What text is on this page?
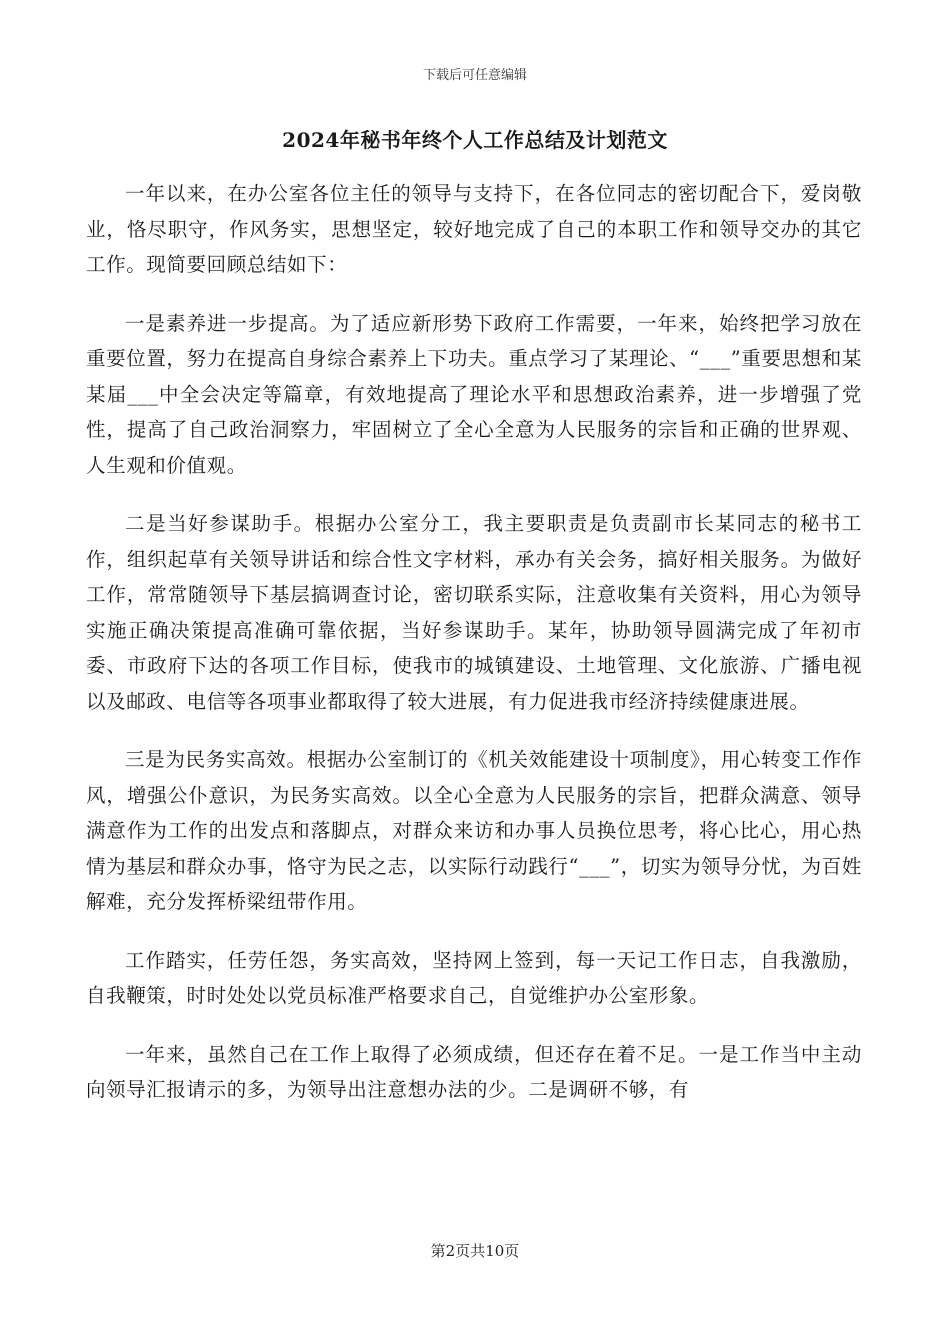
下载后可任意编辑
2024年秘书年终个人工作总结及计划范文

一年以来，在办公室各位主任的领导与支持下，在各位同志的密切配合下，爱岗敬业，恪尽职守，作风务实，思想坚定，较好地完成了自己的本职工作和领导交办的其它工作。现简要回顾总结如下：

一是素养进一步提高。为了适应新形势下政府工作需要，一年来，始终把学习放在重要位置，努力在提高自身综合素养上下功夫。重点学习了某理论、“___”重要思想和某某届___中全会决定等篇章，有效地提高了理论水平和思想政治素养，进一步增强了党性，提高了自己政治洞察力，牢固树立了全心全意为人民服务的宗旨和正确的世界观、人生观和价值观。

二是当好参谋助手。根据办公室分工，我主要职责是负责副市长某同志的秘书工作，组织起草有关领导讲话和综合性文字材料，承办有关会务，搞好相关服务。为做好工作，常常随领导下基层搞调查讨论，密切联系实际，注意收集有关资料，用心为领导实施正确决策提高准确可靠依据，当好参谋助手。某年，协助领导圆满完成了年初市委、市政府下达的各项工作目标，使我市的城镇建设、土地管理、文化旅游、广播电视以及邮政、电信等各项事业都取得了较大进展，有力促进我市经济持续健康进展。

三是为民务实高效。根据办公室制订的《机关效能建设十项制度》，用心转变工作作风，增强公仆意识，为民务实高效。以全心全意为人民服务的宗旨，把群众满意、领导满意作为工作的出发点和落脚点，对群众来访和办事人员换位思考，将心比心，用心热情为基层和群众办事，恪守为民之志，以实际行动践行“___”，切实为领导分忧，为百姓解难，充分发挥桥梁纽带作用。

工作踏实，任劳任怨，务实高效，坚持网上签到，每一天记工作日志，自我激励，自我鞭策，时时处处以党员标准严格要求自己，自觉维护办公室形象。

一年来，虽然自己在工作上取得了必须成绩，但还存在着不足。一是工作当中主动向领导汇报请示的多，为领导出注意想办法的少。二是调研不够，有

第2页共10页
